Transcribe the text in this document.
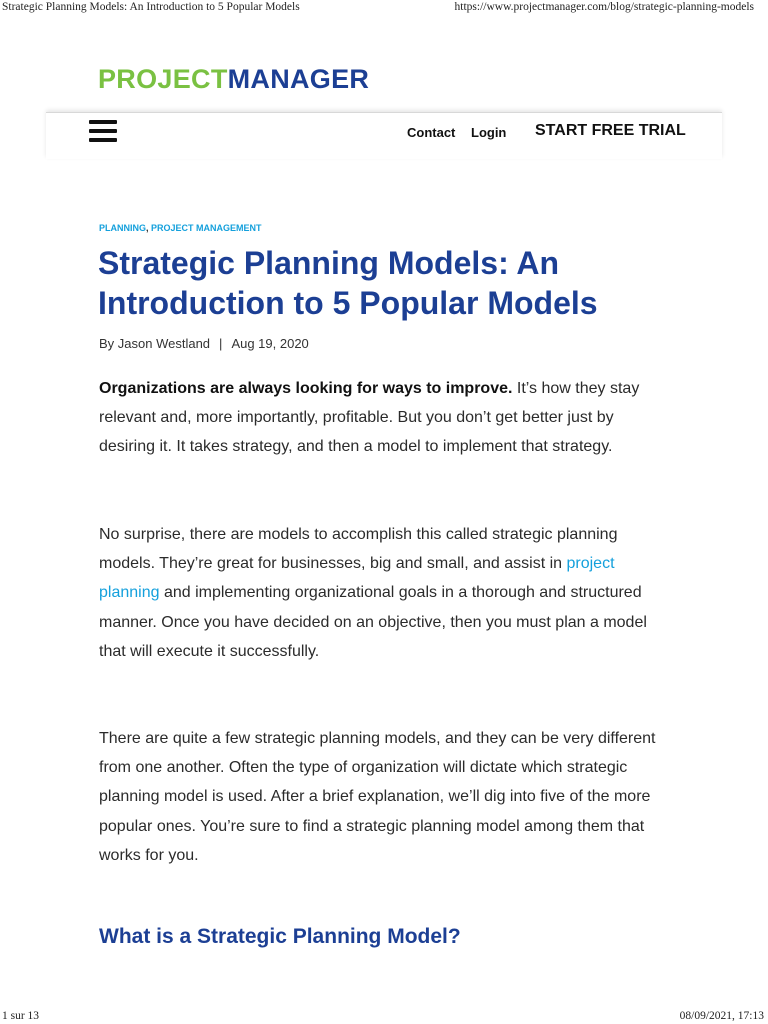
Strategic Planning Models: An Introduction to 5 Popular Models	https://www.projectmanager.com/blog/strategic-planning-models
PROJECTMANAGER
Contact Login START FREE TRIAL
PLANNING, PROJECT MANAGEMENT
Strategic Planning Models: An Introduction to 5 Popular Models
By Jason Westland | Aug 19, 2020

Organizations are always looking for ways to improve. It’s how they stay relevant and, more importantly, profitable. But you don’t get better just by desiring it. It takes strategy, and then a model to implement that strategy.

No surprise, there are models to accomplish this called strategic planning models. They’re great for businesses, big and small, and assist in project planning and implementing organizational goals in a thorough and structured manner. Once you have decided on an objective, then you must plan a model that will execute it successfully.

There are quite a few strategic planning models, and they can be very different from one another. Often the type of organization will dictate which strategic planning model is used. After a brief explanation, we’ll dig into five of the more popular ones. You’re sure to find a strategic planning model among them that works for you.

What is a Strategic Planning Model?
1 sur 13	08/09/2021, 17:13
